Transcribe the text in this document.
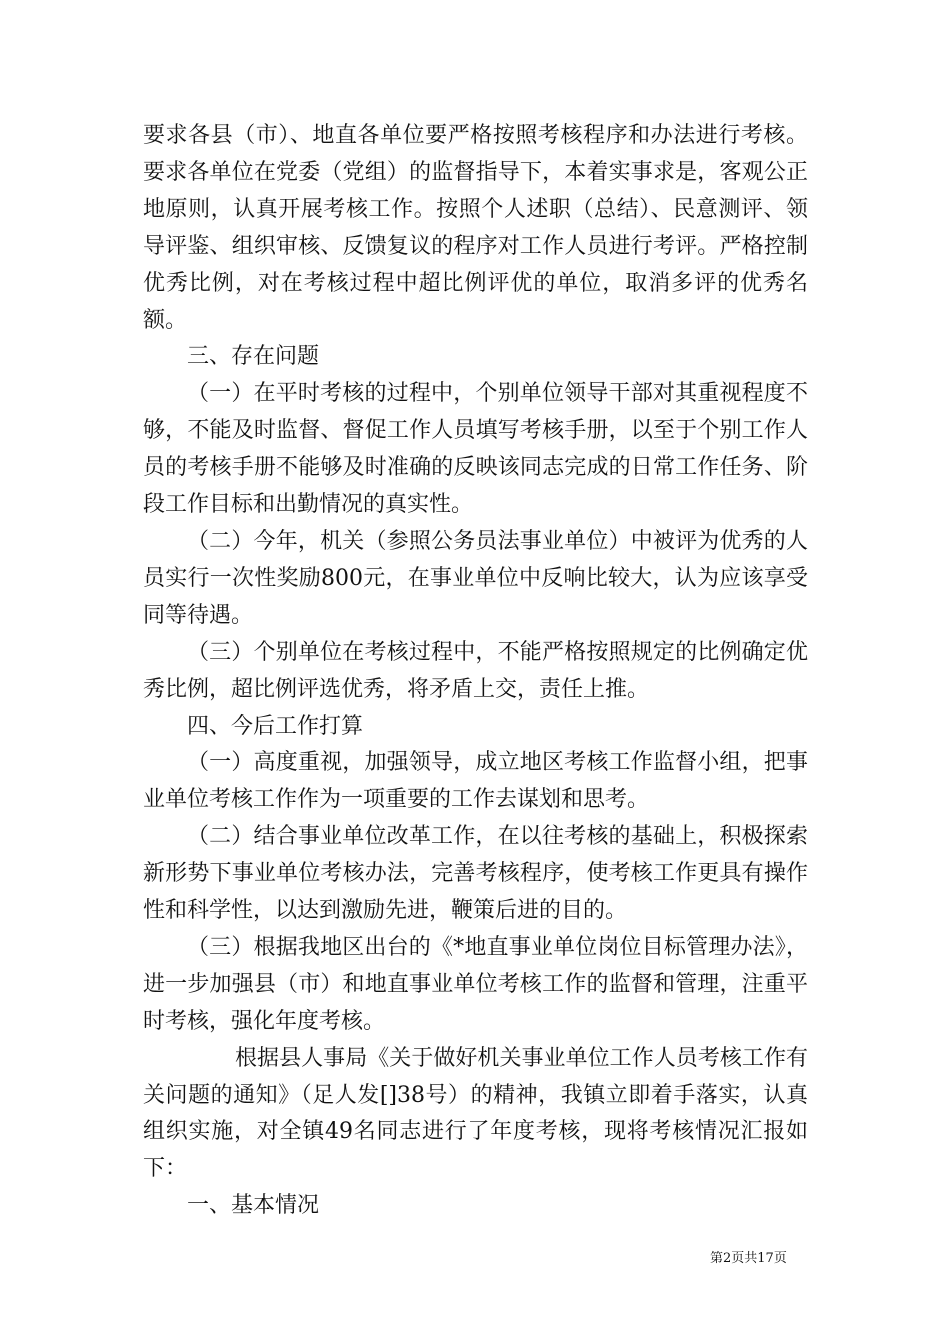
要求各县（市）、地直各单位要严格按照考核程序和办法进行考核。要求各单位在党委（党组）的监督指导下，本着实事求是，客观公正地原则，认真开展考核工作。按照个人述职（总结）、民意测评、领导评鉴、组织审核、反馈复议的程序对工作人员进行考评。严格控制优秀比例，对在考核过程中超比例评优的单位，取消多评的优秀名额。

三、存在问题

（一）在平时考核的过程中，个别单位领导干部对其重视程度不够，不能及时监督、督促工作人员填写考核手册，以至于个别工作人员的考核手册不能够及时准确的反映该同志完成的日常工作任务、阶段工作目标和出勤情况的真实性。

（二）今年，机关（参照公务员法事业单位）中被评为优秀的人员实行一次性奖励800元，在事业单位中反响比较大，认为应该享受同等待遇。

（三）个别单位在考核过程中，不能严格按照规定的比例确定优秀比例，超比例评选优秀，将矛盾上交，责任上推。

四、今后工作打算

（一）高度重视，加强领导，成立地区考核工作监督小组，把事业单位考核工作作为一项重要的工作去谋划和思考。

（二）结合事业单位改革工作，在以往考核的基础上，积极探索新形势下事业单位考核办法，完善考核程序，使考核工作更具有操作性和科学性，以达到激励先进，鞭策后进的目的。

（三）根据我地区出台的《*地直事业单位岗位目标管理办法》，进一步加强县（市）和地直事业单位考核工作的监督和管理，注重平时考核，强化年度考核。

根据县人事局《关于做好机关事业单位工作人员考核工作有关问题的通知》（足人发[]38号）的精神，我镇立即着手落实，认真组织实施，对全镇49名同志进行了年度考核，现将考核情况汇报如下：

一、基本情况

第2页共17页
